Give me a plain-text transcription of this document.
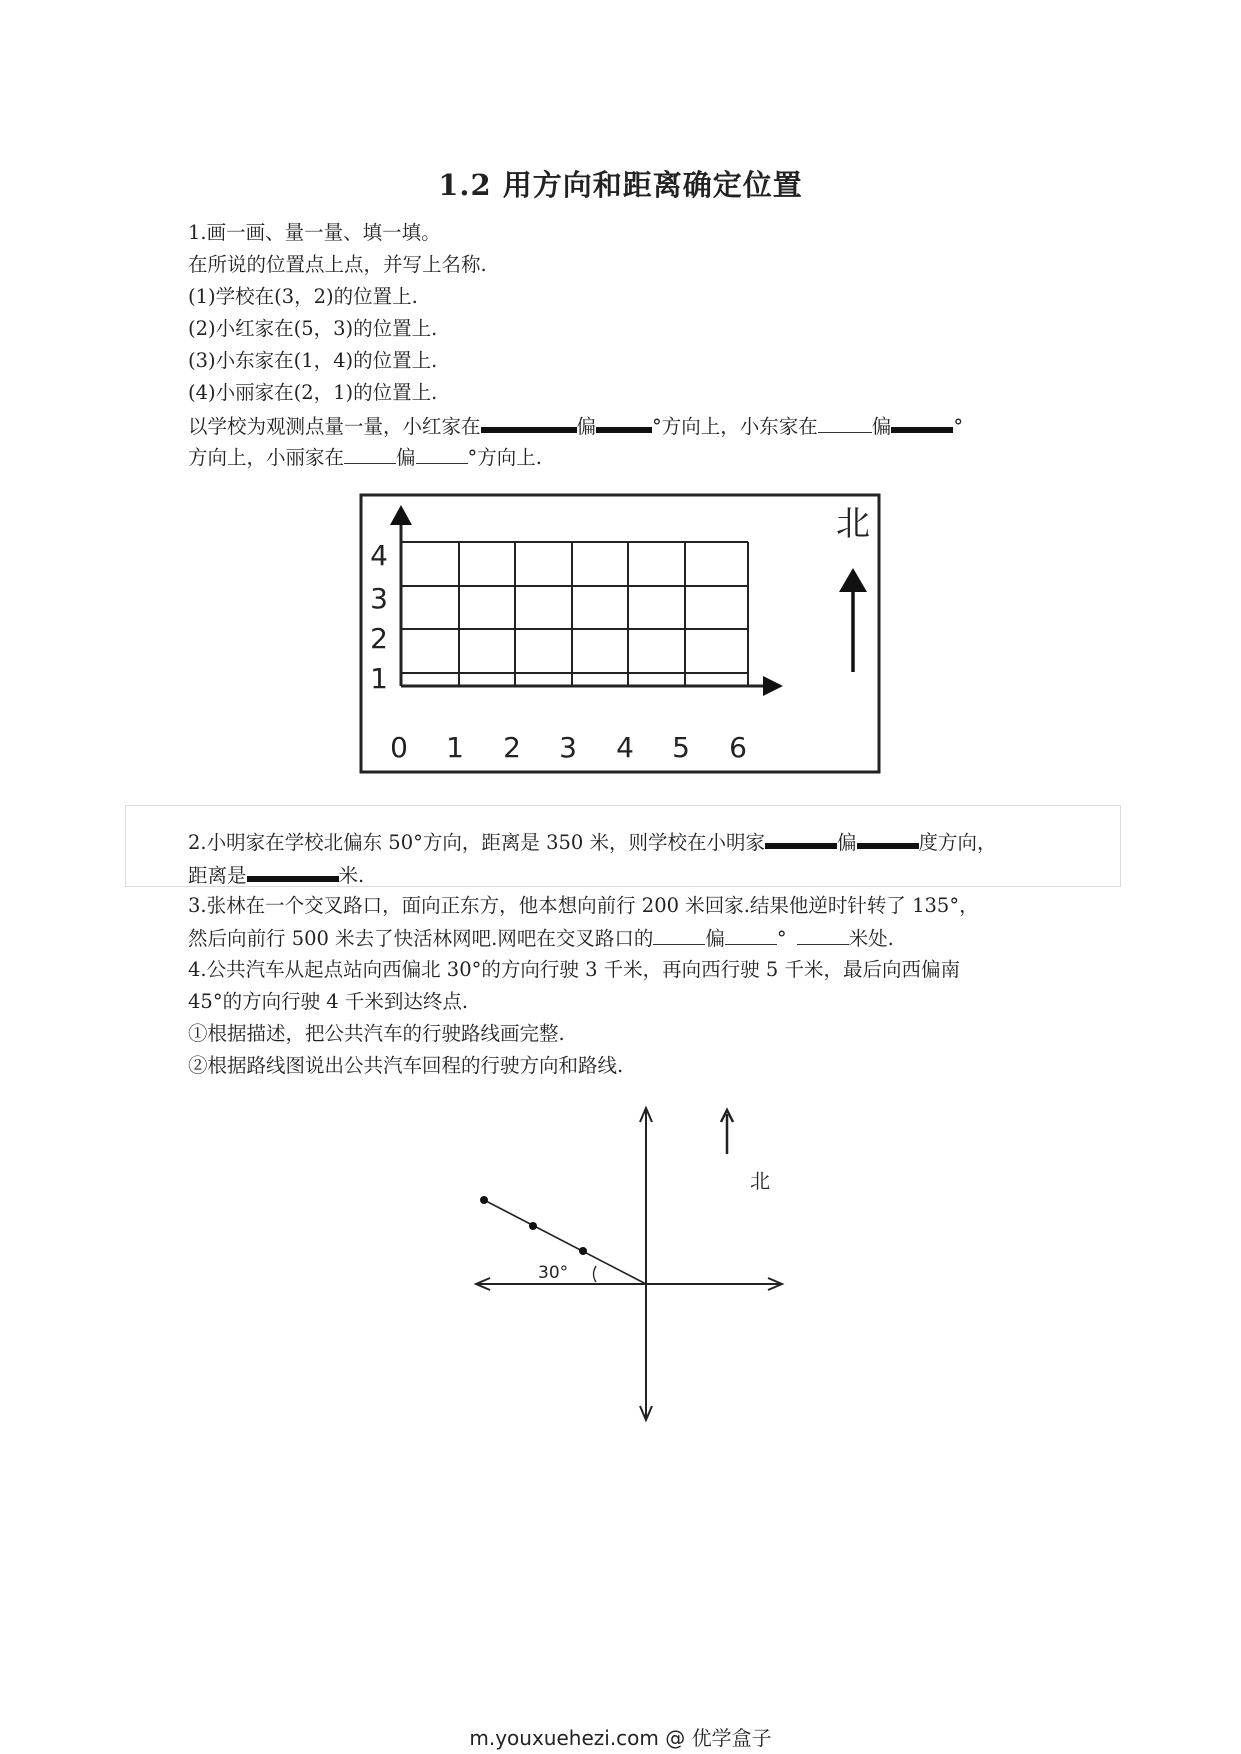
1.2 用方向和距离确定位置
1.画一画、量一量、填一填。
在所说的位置点上点，并写上名称.
(1)学校在(3，2)的位置上.
(2)小红家在(5，3)的位置上.
(3)小东家在(1，4)的位置上.
(4)小丽家在(2，1)的位置上.
以学校为观测点量一量，小红家在	偏	°方向上，小东家在	偏	°
方向上，小丽家在	偏	°方向上.
0 1 2 3 4 5 6
1
2
3
4
北
2.小明家在学校北偏东 50°方向，距离是 350 米，则学校在小明家	偏	度方向，
距离是	米.
3.张林在一个交叉路口，面向正东方，他本想向前行 200 米回家.结果他逆时针转了 135°，
然后向前行 500 米去了快活林网吧.网吧在交叉路口的	偏	°	米处.
4.公共汽车从起点站向西偏北 30°的方向行驶 3 千米，再向西行驶 5 千米，最后向西偏南
45°的方向行驶 4 千米到达终点.
①根据描述，把公共汽车的行驶路线画完整.
②根据路线图说出公共汽车回程的行驶方向和路线.
30°
北
m.youxuehezi.com @ 优学盒子
